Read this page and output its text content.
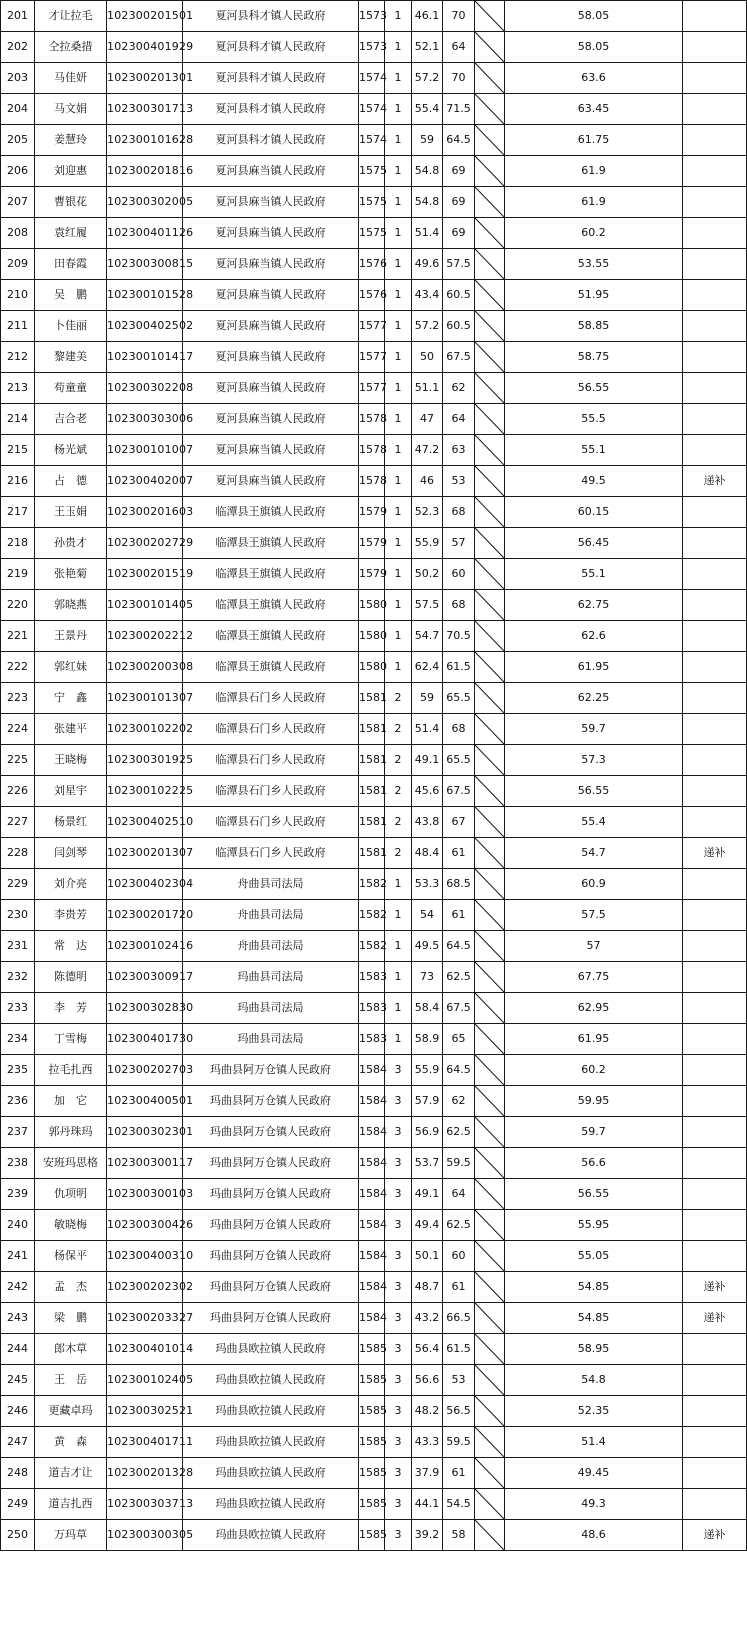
201	才让拉毛	102300201501	夏河县科才镇人民政府	1573	1	46.1	70		58.05	
202	仝拉桑措	102300401929	夏河县科才镇人民政府	1573	1	52.1	64		58.05	
203	马佳妍	102300201301	夏河县科才镇人民政府	1574	1	57.2	70		63.6	
204	马文娟	102300301713	夏河县科才镇人民政府	1574	1	55.4	71.5		63.45	
205	姜慧玲	102300101628	夏河县科才镇人民政府	1574	1	59	64.5		61.75	
206	刘迎惠	102300201816	夏河县麻当镇人民政府	1575	1	54.8	69		61.9	
207	曹银花	102300302005	夏河县麻当镇人民政府	1575	1	54.8	69		61.9	
208	袁红履	102300401126	夏河县麻当镇人民政府	1575	1	51.4	69		60.2	
209	田春霞	102300300815	夏河县麻当镇人民政府	1576	1	49.6	57.5		53.55	
210	吴　鹏	102300101528	夏河县麻当镇人民政府	1576	1	43.4	60.5		51.95	
211	卜佳丽	102300402502	夏河县麻当镇人民政府	1577	1	57.2	60.5		58.85	
212	黎建美	102300101417	夏河县麻当镇人民政府	1577	1	50	67.5		58.75	
213	苟童童	102300302208	夏河县麻当镇人民政府	1577	1	51.1	62		56.55	
214	吉合老	102300303006	夏河县麻当镇人民政府	1578	1	47	64		55.5	
215	杨光斌	102300101007	夏河县麻当镇人民政府	1578	1	47.2	63		55.1	
216	占　德	102300402007	夏河县麻当镇人民政府	1578	1	46	53		49.5	递补
217	王玉娟	102300201603	临潭县王旗镇人民政府	1579	1	52.3	68		60.15	
218	孙贵才	102300202729	临潭县王旗镇人民政府	1579	1	55.9	57		56.45	
219	张艳菊	102300201519	临潭县王旗镇人民政府	1579	1	50.2	60		55.1	
220	郭晓燕	102300101405	临潭县王旗镇人民政府	1580	1	57.5	68		62.75	
221	王景丹	102300202212	临潭县王旗镇人民政府	1580	1	54.7	70.5		62.6	
222	郭红妹	102300200308	临潭县王旗镇人民政府	1580	1	62.4	61.5		61.95	
223	宁　鑫	102300101307	临潭县石门乡人民政府	1581	2	59	65.5		62.25	
224	张建平	102300102202	临潭县石门乡人民政府	1581	2	51.4	68		59.7	
225	王晓梅	102300301925	临潭县石门乡人民政府	1581	2	49.1	65.5		57.3	
226	刘星宇	102300102225	临潭县石门乡人民政府	1581	2	45.6	67.5		56.55	
227	杨景红	102300402510	临潭县石门乡人民政府	1581	2	43.8	67		55.4	
228	闫剑琴	102300201307	临潭县石门乡人民政府	1581	2	48.4	61		54.7	递补
229	刘介亮	102300402304	舟曲县司法局	1582	1	53.3	68.5		60.9	
230	李贵芳	102300201720	舟曲县司法局	1582	1	54	61		57.5	
231	常　达	102300102416	舟曲县司法局	1582	1	49.5	64.5		57	
232	陈德明	102300300917	玛曲县司法局	1583	1	73	62.5		67.75	
233	李　芳	102300302830	玛曲县司法局	1583	1	58.4	67.5		62.95	
234	丁雪梅	102300401730	玛曲县司法局	1583	1	58.9	65		61.95	
235	拉毛扎西	102300202703	玛曲县阿万仓镇人民政府	1584	3	55.9	64.5		60.2	
236	加　它	102300400501	玛曲县阿万仓镇人民政府	1584	3	57.9	62		59.95	
237	郭丹珠玛	102300302301	玛曲县阿万仓镇人民政府	1584	3	56.9	62.5		59.7	
238	安班玛思格	102300300117	玛曲县阿万仓镇人民政府	1584	3	53.7	59.5		56.6	
239	仇项明	102300300103	玛曲县阿万仓镇人民政府	1584	3	49.1	64		56.55	
240	敏晓梅	102300300426	玛曲县阿万仓镇人民政府	1584	3	49.4	62.5		55.95	
241	杨保平	102300400310	玛曲县阿万仓镇人民政府	1584	3	50.1	60		55.05	
242	孟　杰	102300202302	玛曲县阿万仓镇人民政府	1584	3	48.7	61		54.85	递补
243	梁　鹏	102300203327	玛曲县阿万仓镇人民政府	1584	3	43.2	66.5		54.85	递补
244	郎木草	102300401014	玛曲县欧拉镇人民政府	1585	3	56.4	61.5		58.95	
245	王　岳	102300102405	玛曲县欧拉镇人民政府	1585	3	56.6	53		54.8	
246	更藏卓玛	102300302521	玛曲县欧拉镇人民政府	1585	3	48.2	56.5		52.35	
247	黄　森	102300401711	玛曲县欧拉镇人民政府	1585	3	43.3	59.5		51.4	
248	道吉才让	102300201328	玛曲县欧拉镇人民政府	1585	3	37.9	61		49.45	
249	道吉扎西	102300303713	玛曲县欧拉镇人民政府	1585	3	44.1	54.5		49.3	
250	万玛草	102300300305	玛曲县欧拉镇人民政府	1585	3	39.2	58		48.6	递补
